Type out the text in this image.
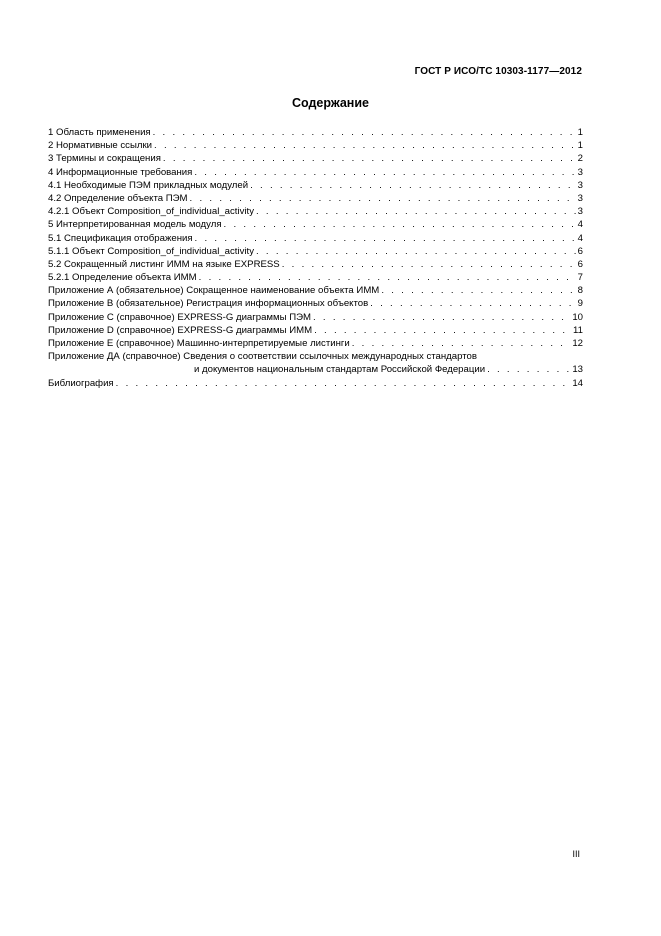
ГОСТ Р ИСО/ТС 10303-1177—2012
Содержание
1 Область применения . . .	1
2 Нормативные ссылки . . .	1
3 Термины и сокращения . . .	2
4 Информационные требования . . .	3
4.1 Необходимые ПЭМ прикладных модулей . . .	3
4.2 Определение объекта ПЭМ . . .	3
4.2.1 Объект Composition_of_individual_activity . . .	3
5 Интерпретированная модель модуля . . .	4
5.1 Спецификация отображения . . .	4
5.1.1 Объект Composition_of_individual_activity . . .	6
5.2 Сокращенный листинг ИММ на языке EXPRESS . . .	6
5.2.1 Определение объекта ИММ . . .	7
Приложение А (обязательное) Сокращенное наименование объекта ИММ . . .	8
Приложение В (обязательное) Регистрация информационных объектов . . .	9
Приложение С (справочное) EXPRESS-G диаграммы ПЭМ . . .	10
Приложение D (справочное) EXPRESS-G диаграммы ИММ . . .	11
Приложение Е (справочное) Машинно-интерпретируемые листинги . . .	12
Приложение ДА (справочное) Сведения о соответствии ссылочных международных стандартов
и документов национальным стандартам Российской Федерации . . .	13
Библиография . . .	14
III
